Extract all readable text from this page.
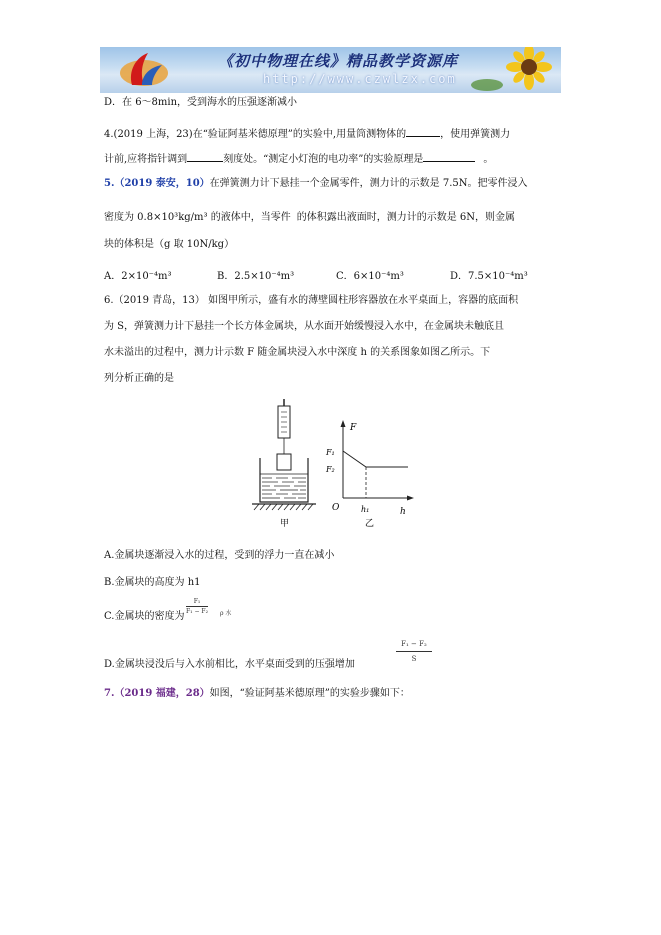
《初中物理在线》精品教学资源库
http://www.czwlzx.com
D．在 6～8min，受到海水的压强逐渐减小
4.(2019 上海，23)在“验证阿基米德原理”的实验中,用量筒测物体的	，使用弹簧测力
计前,应将指针调到	刻度处。“测定小灯泡的电功率”的实验原理是	。
5.（2019 泰安，10）在弹簧测力计下悬挂一个金属零件，测力计的示数是 7.5N。把零件浸入
密度为 0.8×10³kg/m³ 的液体中，当零件 的体积露出液面时，测力计的示数是 6N，则金属
块的体积是（g 取 10N/kg）
A．2×10⁻⁴m³	B．2.5×10⁻⁴m³	C．6×10⁻⁴m³	D．7.5×10⁻⁴m³
6.（2019 青岛，13） 如图甲所示，盛有水的薄壁圆柱形容器放在水平桌面上，容器的底面积
为 S，弹簧测力计下悬挂一个长方体金属块，从水面开始缓慢浸入水中，在金属块未触底且
水未溢出的过程中，测力计示数 F 随金属块浸入水中深度 h 的关系图象如图乙所示。下
列分析正确的是
甲
F
h
O
F₁
F₂
h₁
乙
A.金属块逐渐浸入水的过程，受到的浮力一直在减小
B.金属块的高度为 h1
C.金属块的密度为
F₁
F₁ − F₂ ρ 水
F₁ − F₂
S
D.金属块浸没后与入水前相比，水平桌面受到的压强增加
7.（2019 福建，28）如图，“验证阿基米德原理”的实验步骤如下：
